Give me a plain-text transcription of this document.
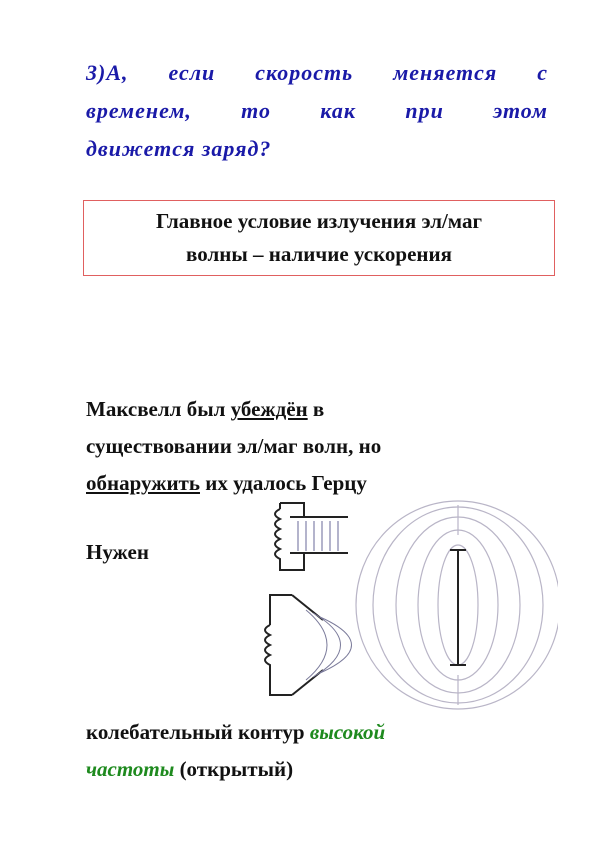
3)А, если скорость меняется с
временем, то как при этом
движется заряд?
Главное условие излучения эл/маг
волны – наличие ускорения
Максвелл был убеждён в
существовании эл/маг волн, но
обнаружить их удалось Герцу
Нужен
колебательный контур высокой
частоты (открытый)
